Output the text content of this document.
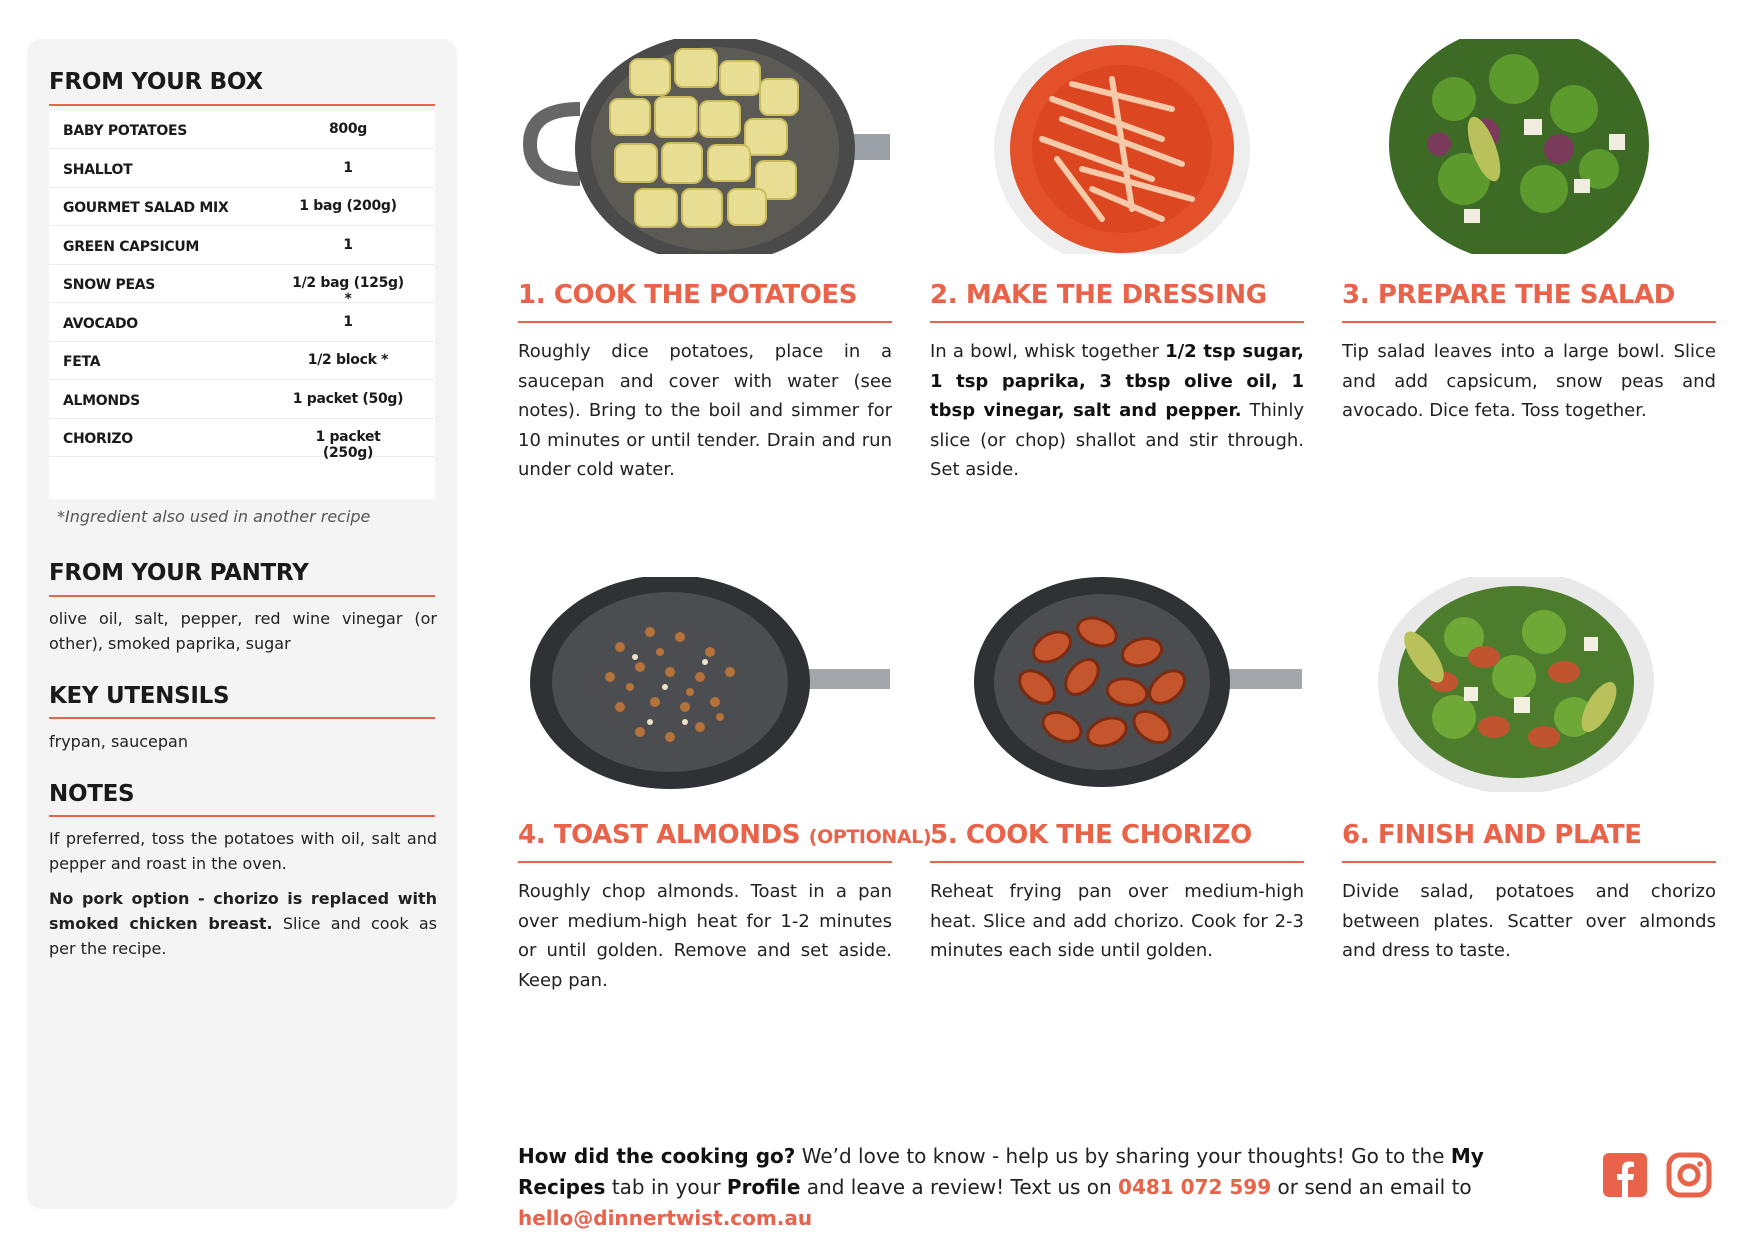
FROM YOUR BOX
BABY POTATOES	800g
SHALLOT	1
GOURMET SALAD MIX	1 bag (200g)
GREEN CAPSICUM	1
SNOW PEAS	1/2 bag (125g) *
AVOCADO	1
FETA	1/2 block *
ALMONDS	1 packet (50g)
CHORIZO	1 packet (250g)
*Ingredient also used in another recipe
FROM YOUR PANTRY
olive oil, salt, pepper, red wine vinegar (or other), smoked paprika, sugar
KEY UTENSILS
frypan, saucepan
NOTES
If preferred, toss the potatoes with oil, salt and pepper and roast in the oven.
No pork option - chorizo is replaced with smoked chicken breast. Slice and cook as per the recipe.
1. COOK THE POTATOES
Roughly dice potatoes, place in a saucepan and cover with water (see notes). Bring to the boil and simmer for 10 minutes or until tender. Drain and run under cold water.
2. MAKE THE DRESSING
In a bowl, whisk together 1/2 tsp sugar, 1 tsp paprika, 3 tbsp olive oil, 1 tbsp vinegar, salt and pepper. Thinly slice (or chop) shallot and stir through. Set aside.
3. PREPARE THE SALAD
Tip salad leaves into a large bowl. Slice and add capsicum, snow peas and avocado. Dice feta. Toss together.
4. TOAST ALMONDS (OPTIONAL)
Roughly chop almonds. Toast in a pan over medium-high heat for 1-2 minutes or until golden. Remove and set aside. Keep pan.
5. COOK THE CHORIZO
Reheat frying pan over medium-high heat. Slice and add chorizo. Cook for 2-3 minutes each side until golden.
6. FINISH AND PLATE
Divide salad, potatoes and chorizo between plates. Scatter over almonds and dress to taste.
How did the cooking go? We’d love to know - help us by sharing your thoughts! Go to the My Recipes tab in your Profile and leave a review! Text us on 0481 072 599 or send an email to hello@dinnertwist.com.au
